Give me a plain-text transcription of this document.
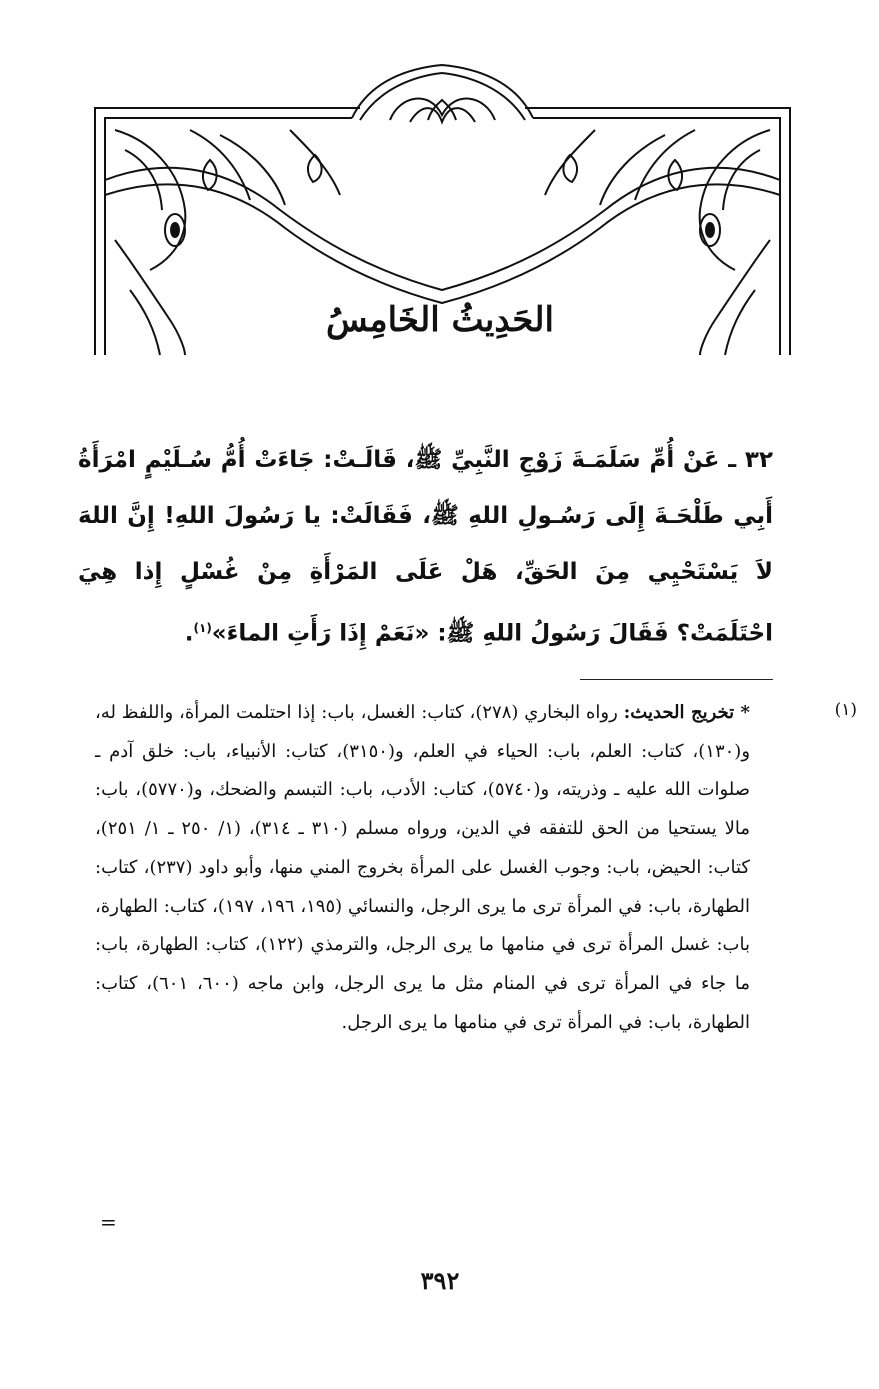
الحَدِيثُ الخَامِسُ
٣٢ ـ عَنْ أُمِّ سَلَمَـةَ زَوْجِ النَّبِيِّ ﷺ، قَالَـتْ: جَاءَتْ أُمُّ سُـلَيْمٍ امْرَأَةُ أَبِي طَلْحَـةَ إِلَى رَسُـولِ اللهِ ﷺ، فَقَالَتْ: يا رَسُولَ اللهِ! إِنَّ اللهَ لاَ يَسْتَحْيِي مِنَ الحَقِّ، هَلْ عَلَى المَرْأَةِ مِنْ غُسْلٍ إِذا هِيَ احْتَلَمَتْ؟ فَقَالَ رَسُولُ اللهِ ﷺ: «نَعَمْ إِذَا رَأَتِ الماءَ»$^{(١)}$.
(١)
* تخريج الحديث: رواه البخاري (٢٧٨)، كتاب: الغسل، باب: إذا احتلمت المرأة، واللفظ له، و(١٣٠)، كتاب: العلم، باب: الحياء في العلم، و(٣١٥٠)، كتاب: الأنبياء، باب: خلق آدم ـ صلوات الله عليه ـ وذريته، و(٥٧٤٠)، كتاب: الأدب، باب: التبسم والضحك، و(٥٧٧٠)، باب: مالا يستحيا من الحق للتفقه في الدين، ورواه مسلم (٣١٠ ـ ٣١٤)، (١/ ٢٥٠ ـ ١/ ٢٥١)، كتاب: الحيض، باب: وجوب الغسل على المرأة بخروج المني منها، وأبو داود (٢٣٧)، كتاب: الطهارة، باب: في المرأة ترى ما يرى الرجل، والنسائي (١٩٥، ١٩٦، ١٩٧)، كتاب: الطهارة، باب: غسل المرأة ترى في منامها ما يرى الرجل، والترمذي (١٢٢)، كتاب: الطهارة، باب: ما جاء في المرأة ترى في المنام مثل ما يرى الرجل، وابن ماجه (٦٠٠، ٦٠١)، كتاب: الطهارة، باب: في المرأة ترى في منامها ما يرى الرجل.
=
٣٩٢
